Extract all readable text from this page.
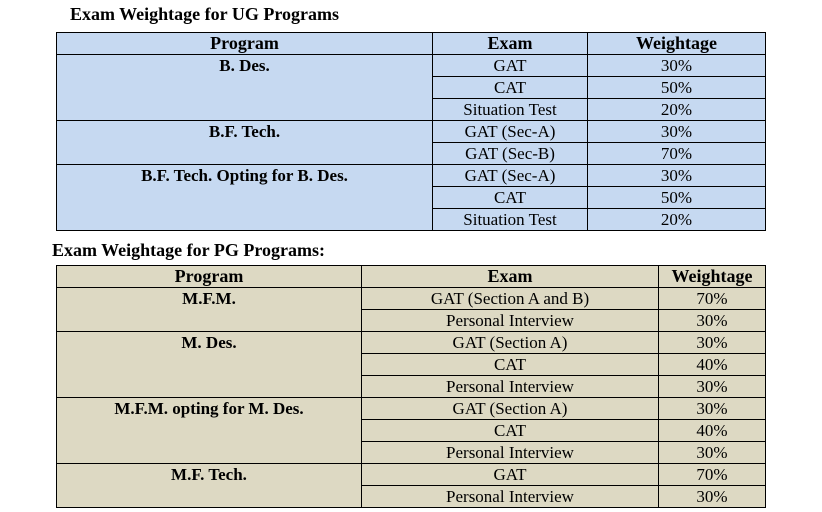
Exam Weightage for UG Programs
Program	Exam	Weightage
B. Des.	GAT	30%
	CAT	50%
	Situation Test	20%
B.F. Tech.	GAT (Sec-A)	30%
	GAT (Sec-B)	70%
B.F. Tech. Opting for B. Des.	GAT (Sec-A)	30%
	CAT	50%
	Situation Test	20%
Exam Weightage for PG Programs:
Program	Exam	Weightage
M.F.M.	GAT (Section A and B)	70%
	Personal Interview	30%
M. Des.	GAT (Section A)	30%
	CAT	40%
	Personal Interview	30%
M.F.M. opting for M. Des.	GAT (Section A)	30%
	CAT	40%
	Personal Interview	30%
M.F. Tech.	GAT	70%
	Personal Interview	30%
